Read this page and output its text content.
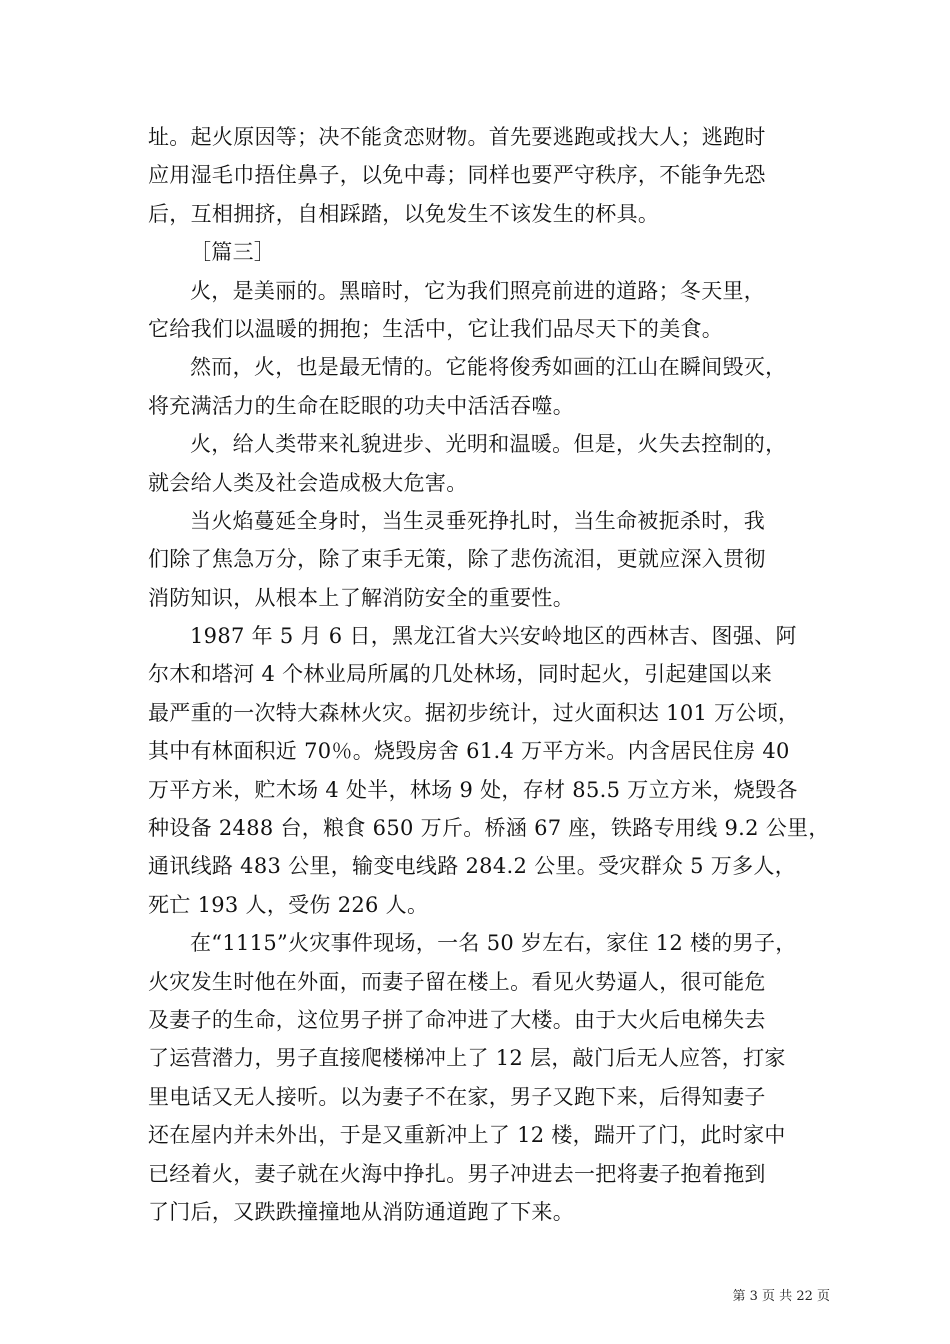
址。起火原因等；决不能贪恋财物。首先要逃跑或找大人；逃跑时
应用湿毛巾捂住鼻子，以免中毒；同样也要严守秩序，不能争先恐
后，互相拥挤，自相踩踏，以免发生不该发生的杯具。
［篇三］
火，是美丽的。黑暗时，它为我们照亮前进的道路；冬天里，
它给我们以温暖的拥抱；生活中，它让我们品尽天下的美食。
然而，火，也是最无情的。它能将俊秀如画的江山在瞬间毁灭，
将充满活力的生命在眨眼的功夫中活活吞噬。
火，给人类带来礼貌进步、光明和温暖。但是，火失去控制的，
就会给人类及社会造成极大危害。
当火焰蔓延全身时，当生灵垂死挣扎时，当生命被扼杀时，我
们除了焦急万分，除了束手无策，除了悲伤流泪，更就应深入贯彻
消防知识，从根本上了解消防安全的重要性。
1987 年 5 月 6 日，黑龙江省大兴安岭地区的西林吉、图强、阿
尔木和塔河 4 个林业局所属的几处林场，同时起火，引起建国以来
最严重的一次特大森林火灾。据初步统计，过火面积达 101 万公顷，
其中有林面积近 70％。烧毁房舍 61.4 万平方米。内含居民住房 40
万平方米，贮木场 4 处半，林场 9 处，存材 85.5 万立方米，烧毁各
种设备 2488 台，粮食 650 万斤。桥涵 67 座，铁路专用线 9.2 公里，
通讯线路 483 公里，输变电线路 284.2 公里。受灾群众 5 万多人，
死亡 193 人，受伤 226 人。
在“1115”火灾事件现场，一名 50 岁左右，家住 12 楼的男子，
火灾发生时他在外面，而妻子留在楼上。看见火势逼人，很可能危
及妻子的生命，这位男子拼了命冲进了大楼。由于大火后电梯失去
了运营潜力，男子直接爬楼梯冲上了 12 层，敲门后无人应答，打家
里电话又无人接听。以为妻子不在家，男子又跑下来，后得知妻子
还在屋内并未外出，于是又重新冲上了 12 楼，踹开了门，此时家中
已经着火，妻子就在火海中挣扎。男子冲进去一把将妻子抱着拖到
了门后，又跌跌撞撞地从消防通道跑了下来。
第 3 页 共 22 页
